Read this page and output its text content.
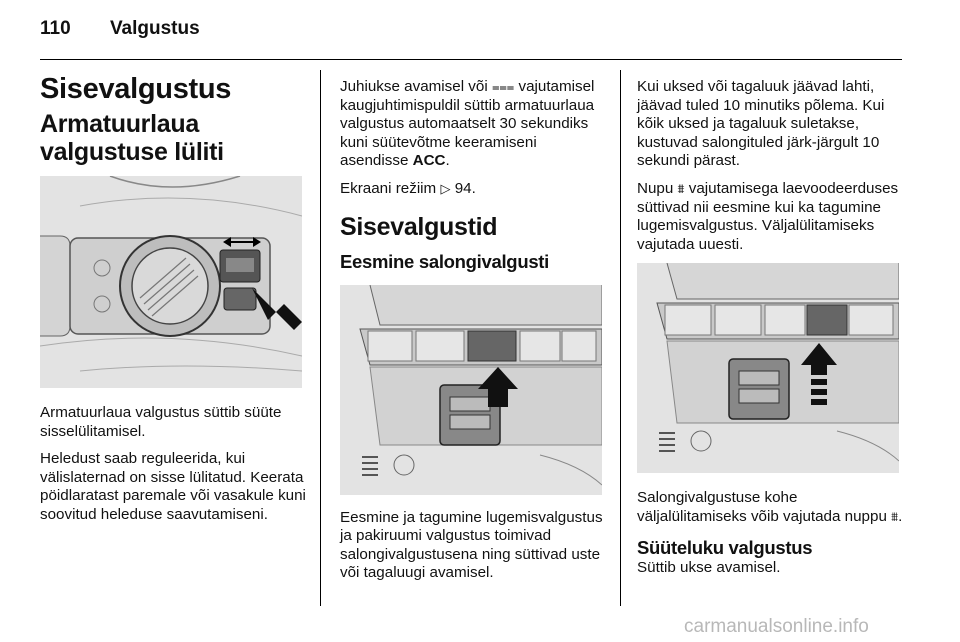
110 Valgustus
Sisevalgustus
Armatuurlaua valgustuse lüliti

Armatuurlaua valgustus süttib süüte sisselülitamisel.

Heledust saab reguleerida, kui välislaternad on sisse lülitatud. Keerata pöidlaratast paremale või vasakule kuni soovitud heleduse saavutamiseni.

Juhiukse avamisel või ⩶ vajutamisel kaugjuhtimispuldil süttib armatuurlaua valgustus automaatselt 30 sekundiks kuni süütevõtme keeramiseni asendisse ACC.

Ekraani režiim ▷ 94.

Sisevalgustid
Eesmine salongivalgusti

Eesmine ja tagumine lugemisvalgustus ja pakiruumi valgustus toimivad salongivalgustusena ning süttivad uste või tagaluugi avamisel.

Kui uksed või tagaluuk jäävad lahti, jäävad tuled 10 minutiks põlema. Kui kõik uksed ja tagaluuk suletakse, kustuvad salongituled järk-järgult 10 sekundi pärast.

Nupu ⩩ vajutamisega laevoodeerduses süttivad nii eesmine kui ka tagumine lugemisvalgustus. Väljalülitamiseks vajutada uuesti.

Salongivalgustuse kohe väljalülitamiseks võib vajutada nuppu ⩩.

Süüteluku valgustus

Süttib ukse avamisel.

carmanualsonline.info
